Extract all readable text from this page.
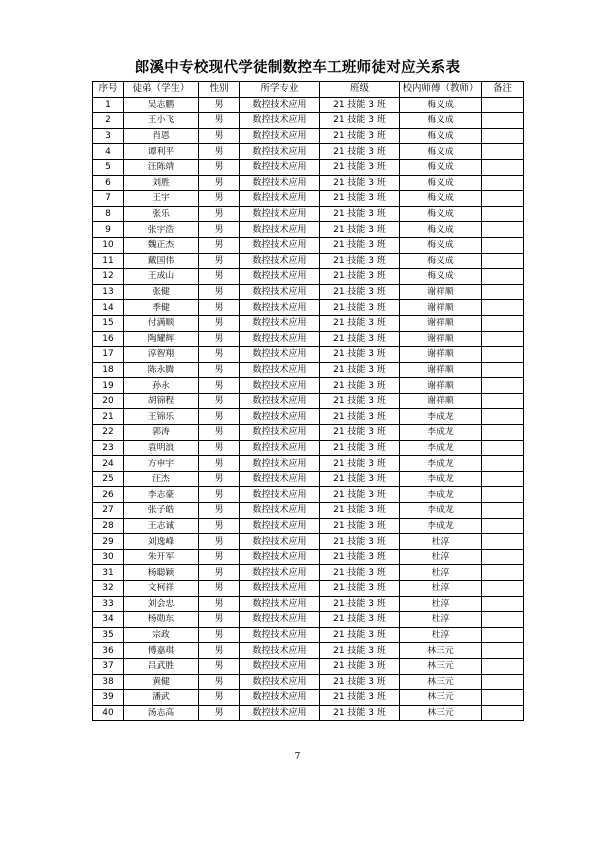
郎溪中专校现代学徒制数控车工班师徒对应关系表
序号	徒弟（学生）	性别	所学专业	班级	校内师傅（教师）	备注
1	吴志鹏	男	数控技术应用	21 技能 3 班	梅义成	
2	王小飞	男	数控技术应用	21 技能 3 班	梅义成	
3	肖恩	男	数控技术应用	21 技能 3 班	梅义成	
4	谭利平	男	数控技术应用	21 技能 3 班	梅义成	
5	汪陈靖	男	数控技术应用	21 技能 3 班	梅义成	
6	刘胜	男	数控技术应用	21 技能 3 班	梅义成	
7	王宇	男	数控技术应用	21 技能 3 班	梅义成	
8	张乐	男	数控技术应用	21 技能 3 班	梅义成	
9	张宇浩	男	数控技术应用	21 技能 3 班	梅义成	
10	魏正杰	男	数控技术应用	21 技能 3 班	梅义成	
11	戴国伟	男	数控技术应用	21 技能 3 班	梅义成	
12	王成山	男	数控技术应用	21 技能 3 班	梅义成	
13	张健	男	数控技术应用	21 技能 3 班	谢祥顺	
14	季健	男	数控技术应用	21 技能 3 班	谢祥顺	
15	付满顺	男	数控技术应用	21 技能 3 班	谢祥顺	
16	陶耀辉	男	数控技术应用	21 技能 3 班	谢祥顺	
17	淳智翔	男	数控技术应用	21 技能 3 班	谢祥顺	
18	陈永腾	男	数控技术应用	21 技能 3 班	谢祥顺	
19	孙永	男	数控技术应用	21 技能 3 班	谢祥顺	
20	胡锦程	男	数控技术应用	21 技能 3 班	谢祥顺	
21	王锦乐	男	数控技术应用	21 技能 3 班	李成龙	
22	郭涛	男	数控技术应用	21 技能 3 班	李成龙	
23	袁明浪	男	数控技术应用	21 技能 3 班	李成龙	
24	方申宇	男	数控技术应用	21 技能 3 班	李成龙	
25	汪杰	男	数控技术应用	21 技能 3 班	李成龙	
26	李志豪	男	数控技术应用	21 技能 3 班	李成龙	
27	张子皓	男	数控技术应用	21 技能 3 班	李成龙	
28	王志诚	男	数控技术应用	21 技能 3 班	李成龙	
29	刘逸峰	男	数控技术应用	21 技能 3 班	杜淳	
30	朱开军	男	数控技术应用	21 技能 3 班	杜淳	
31	杨聪颖	男	数控技术应用	21 技能 3 班	杜淳	
32	文柯祥	男	数控技术应用	21 技能 3 班	杜淳	
33	刘会忠	男	数控技术应用	21 技能 3 班	杜淳	
34	杨勋东	男	数控技术应用	21 技能 3 班	杜淳	
35	宗政	男	数控技术应用	21 技能 3 班	杜淳	
36	傅嘉琪	男	数控技术应用	21 技能 3 班	林三元	
37	吕武胜	男	数控技术应用	21 技能 3 班	林三元	
38	黄健	男	数控技术应用	21 技能 3 班	林三元	
39	潘武	男	数控技术应用	21 技能 3 班	林三元	
40	汤志高	男	数控技术应用	21 技能 3 班	林三元	
7
